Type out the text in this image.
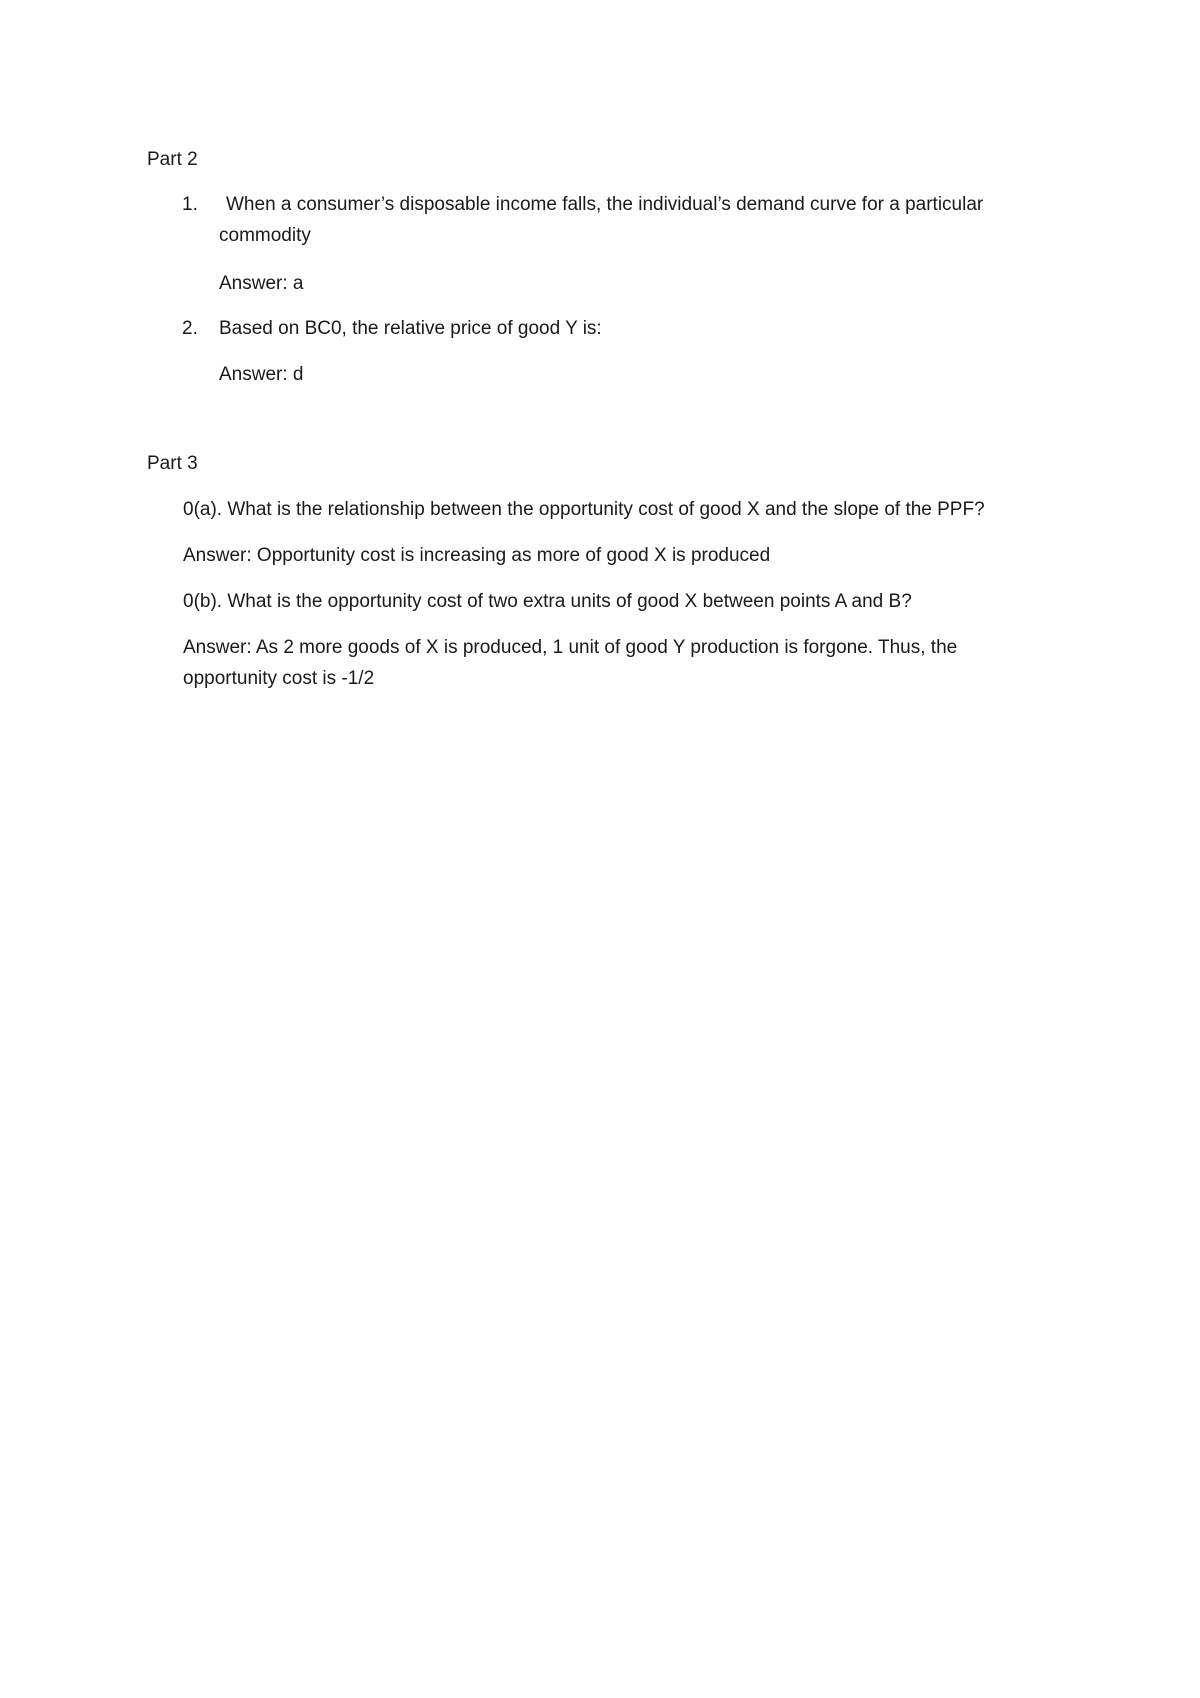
Part 2

1. When a consumer’s disposable income falls, the individual’s demand curve for a particular

commodity

Answer: a

2. Based on BC0, the relative price of good Y is:

Answer: d

Part 3

0(a). What is the relationship between the opportunity cost of good X and the slope of the PPF?

Answer: Opportunity cost is increasing as more of good X is produced

0(b). What is the opportunity cost of two extra units of good X between points A and B?

Answer: As 2 more goods of X is produced, 1 unit of good Y production is forgone. Thus, the

opportunity cost is -1/2
